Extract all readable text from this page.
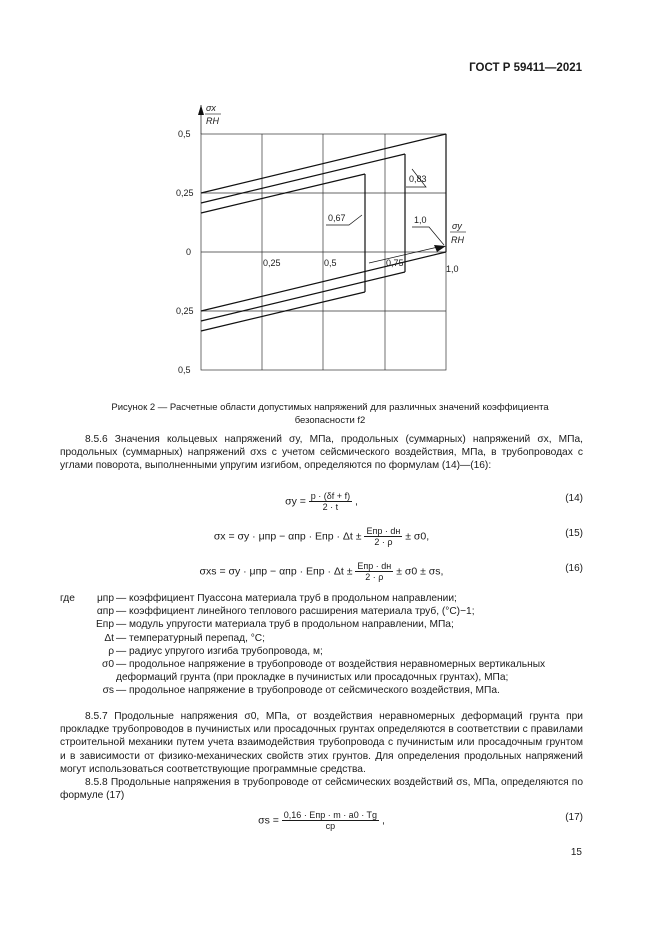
ГОСТ Р 59411—2021
σx
RН
σy
RН
0,5
0,25
0
0,25
0,5
0,25	0,5	0,75
1,0
0,67
0,83
1,0
Рисунок 2 — Расчетные области допустимых напряжений для различных значений коэффициента
безопасности f2
8.5.6 Значения кольцевых напряжений σy, МПа, продольных (суммарных) напряжений σx, МПа, продольных (суммарных) напряжений σxs с учетом сейсмического воздействия, МПа, в трубопроводах с углами поворота, выполненными упругим изгибом, определяются по формулам (14)—(16):
$\sigma y = \frac{p \cdot (\delta f + f)}{2 \cdot t}$ ,	(14)
σx = σy · μпр − αпр · Eпр · $\Delta t \pm \frac{\text{Eпр · dн}}{2 \cdot \rho} \pm \sigma 0$,	(15)
σxs = σy · μпр − αпр · Eпр · $\Delta t \pm \frac{\text{Eпр · dн}}{2 \cdot \rho} \pm \sigma 0 \pm \sigma s$,	(16)
где	μпр — коэффициент Пуассона материала труб в продольном направлении;
αпр — коэффициент линейного теплового расширения материала труб, (°С)−1;
Eпр — модуль упругости материала труб в продольном направлении, МПа;
Δt — температурный перепад, °С;
ρ — радиус упругого изгиба трубопровода, м;
σ0 — продольное напряжение в трубопроводе от воздействия неравномерных вертикальных деформаций грунта (при прокладке в пучинистых или просадочных грунтах), МПа;
σs — продольное напряжение в трубопроводе от сейсмического воздействия, МПа.
8.5.7 Продольные напряжения σ0, МПа, от воздействия неравномерных деформаций грунта при прокладке трубопроводов в пучинистых или просадочных грунтах определяются в соответствии с правилами строительной механики путем учета взаимодействия трубопровода с пучинистым или просадочным грунтом и в зависимости от физико-механических свойств этих грунтов. Для определения продольных напряжений могут использоваться соответствующие программные средства.
8.5.8 Продольные напряжения в трубопроводе от сейсмических воздействий σs, МПа, определяются по формуле (17)
$\sigma s = \frac{\text{0,16 · Eпр · m · a0 · Tg}}{cp}$ ,	(17)
15
